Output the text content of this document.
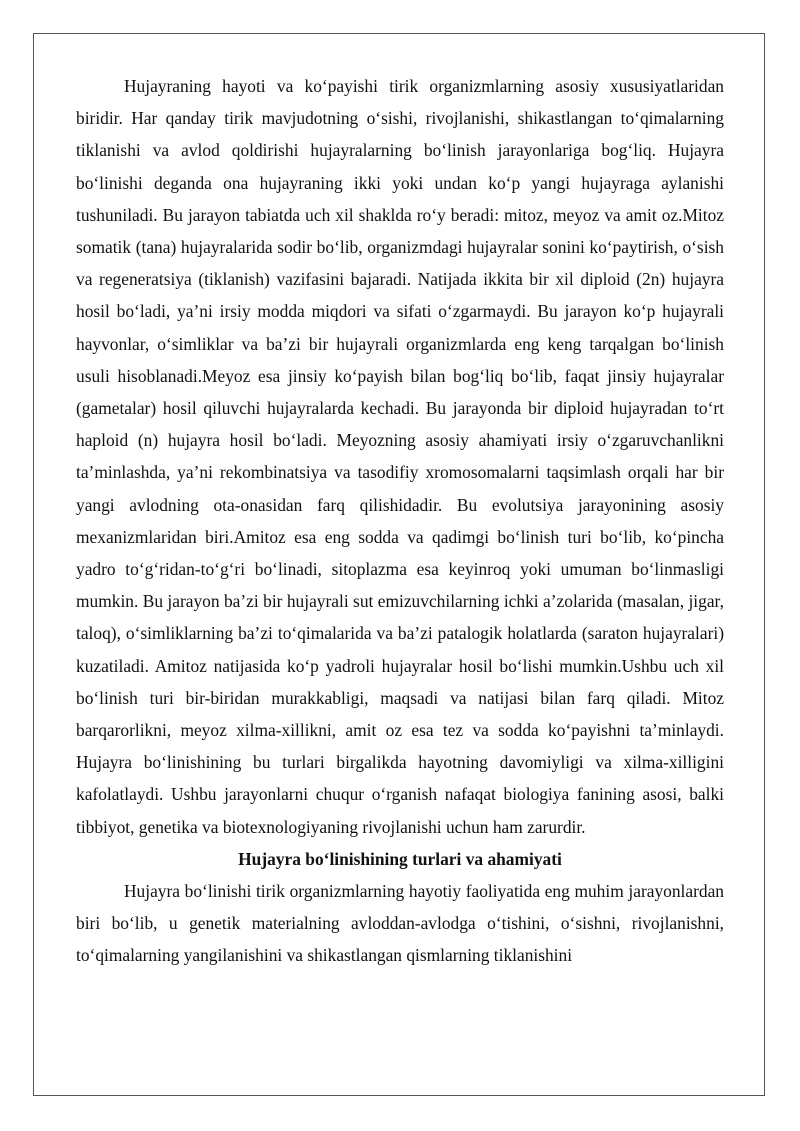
Hujayraning hayoti va ko‘payishi tirik organizmlarning asosiy xususiyatlaridan biridir. Har qanday tirik mavjudotning o‘sishi, rivojlanishi, shikastlangan to‘qimalarning tiklanishi va avlod qoldirishi hujayralarning bo‘linish jarayonlariga bog‘liq. Hujayra bo‘linishi deganda ona hujayraning ikki yoki undan ko‘p yangi hujayraga aylanishi tushuniladi. Bu jarayon tabiatda uch xil shaklda ro‘y beradi: mitoz, meyoz va amit oz.Mitoz somatik (tana) hujayralarida sodir bo‘lib, organizmdagi hujayralar sonini ko‘paytirish, o‘sish va regeneratsiya (tiklanish) vazifasini bajaradi. Natijada ikkita bir xil diploid (2n) hujayra hosil bo‘ladi, ya’ni irsiy modda miqdori va sifati o‘zgarmaydi. Bu jarayon ko‘p hujayrali hayvonlar, o‘simliklar va ba’zi bir hujayrali organizmlarda eng keng tarqalgan bo‘linish usuli hisoblanadi.Meyoz esa jinsiy ko‘payish bilan bog‘liq bo‘lib, faqat jinsiy hujayralar (gametalar) hosil qiluvchi hujayralarda kechadi. Bu jarayonda bir diploid hujayradan to‘rt haploid (n) hujayra hosil bo‘ladi. Meyozning asosiy ahamiyati irsiy o‘zgaruvchanlikni ta’minlashda, ya’ni rekombinatsiya va tasodifiy xromosomalarni taqsimlash orqali har bir yangi avlodning ota-onasidan farq qilishidadir. Bu evolutsiya jarayonining asosiy mexanizmlaridan biri.Amitoz esa eng sodda va qadimgi bo‘linish turi bo‘lib, ko‘pincha yadro to‘g‘ridan-to‘g‘ri bo‘linadi, sitoplazma esa keyinroq yoki umuman bo‘linmasligi mumkin. Bu jarayon ba’zi bir hujayrali sut emizuvchilarning ichki a’zolarida (masalan, jigar, taloq), o‘simliklarning ba’zi to‘qimalarida va ba’zi patalogik holatlarda (saraton hujayralari) kuzatiladi. Amitoz natijasida ko‘p yadroli hujayralar hosil bo‘lishi mumkin.Ushbu uch xil bo‘linish turi bir-biridan murakkabligi, maqsadi va natijasi bilan farq qiladi. Mitoz barqarorlikni, meyoz xilma-xillikni, amit oz esa tez va sodda ko‘payishni ta’minlaydi. Hujayra bo‘linishining bu turlari birgalikda hayotning davomiyligi va xilma-xilligini kafolatlaydi. Ushbu jarayonlarni chuqur o‘rganish nafaqat biologiya fanining asosi, balki tibbiyot, genetika va biotexnologiyaning rivojlanishi uchun ham zarurdir.

Hujayra bo‘linishining turlari va ahamiyati

Hujayra bo‘linishi tirik organizmlarning hayotiy faoliyatida eng muhim jarayonlardan biri bo‘lib, u genetik materialning avloddan-avlodga o‘tishini, o‘sishni, rivojlanishni, to‘qimalarning yangilanishini va shikastlangan qismlarning tiklanishini
